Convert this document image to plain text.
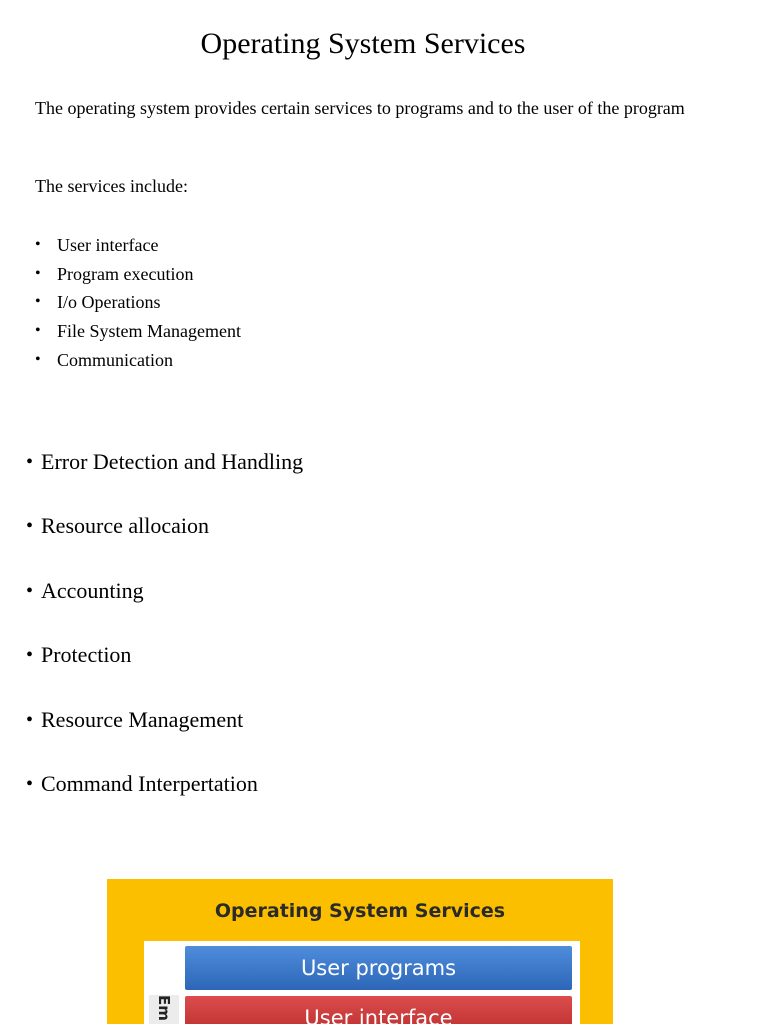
Operating System Services

The operating system provides certain services to programs and to the user of the program

The services include:

• User interface
• Program execution
• I/o Operations
• File System Management
• Communication
• Error Detection and Handling
• Resource allocaion
• Accounting
• Protection
• Resource Management
• Command Interpertation

Operating System Services

User programs
Em	User interface
